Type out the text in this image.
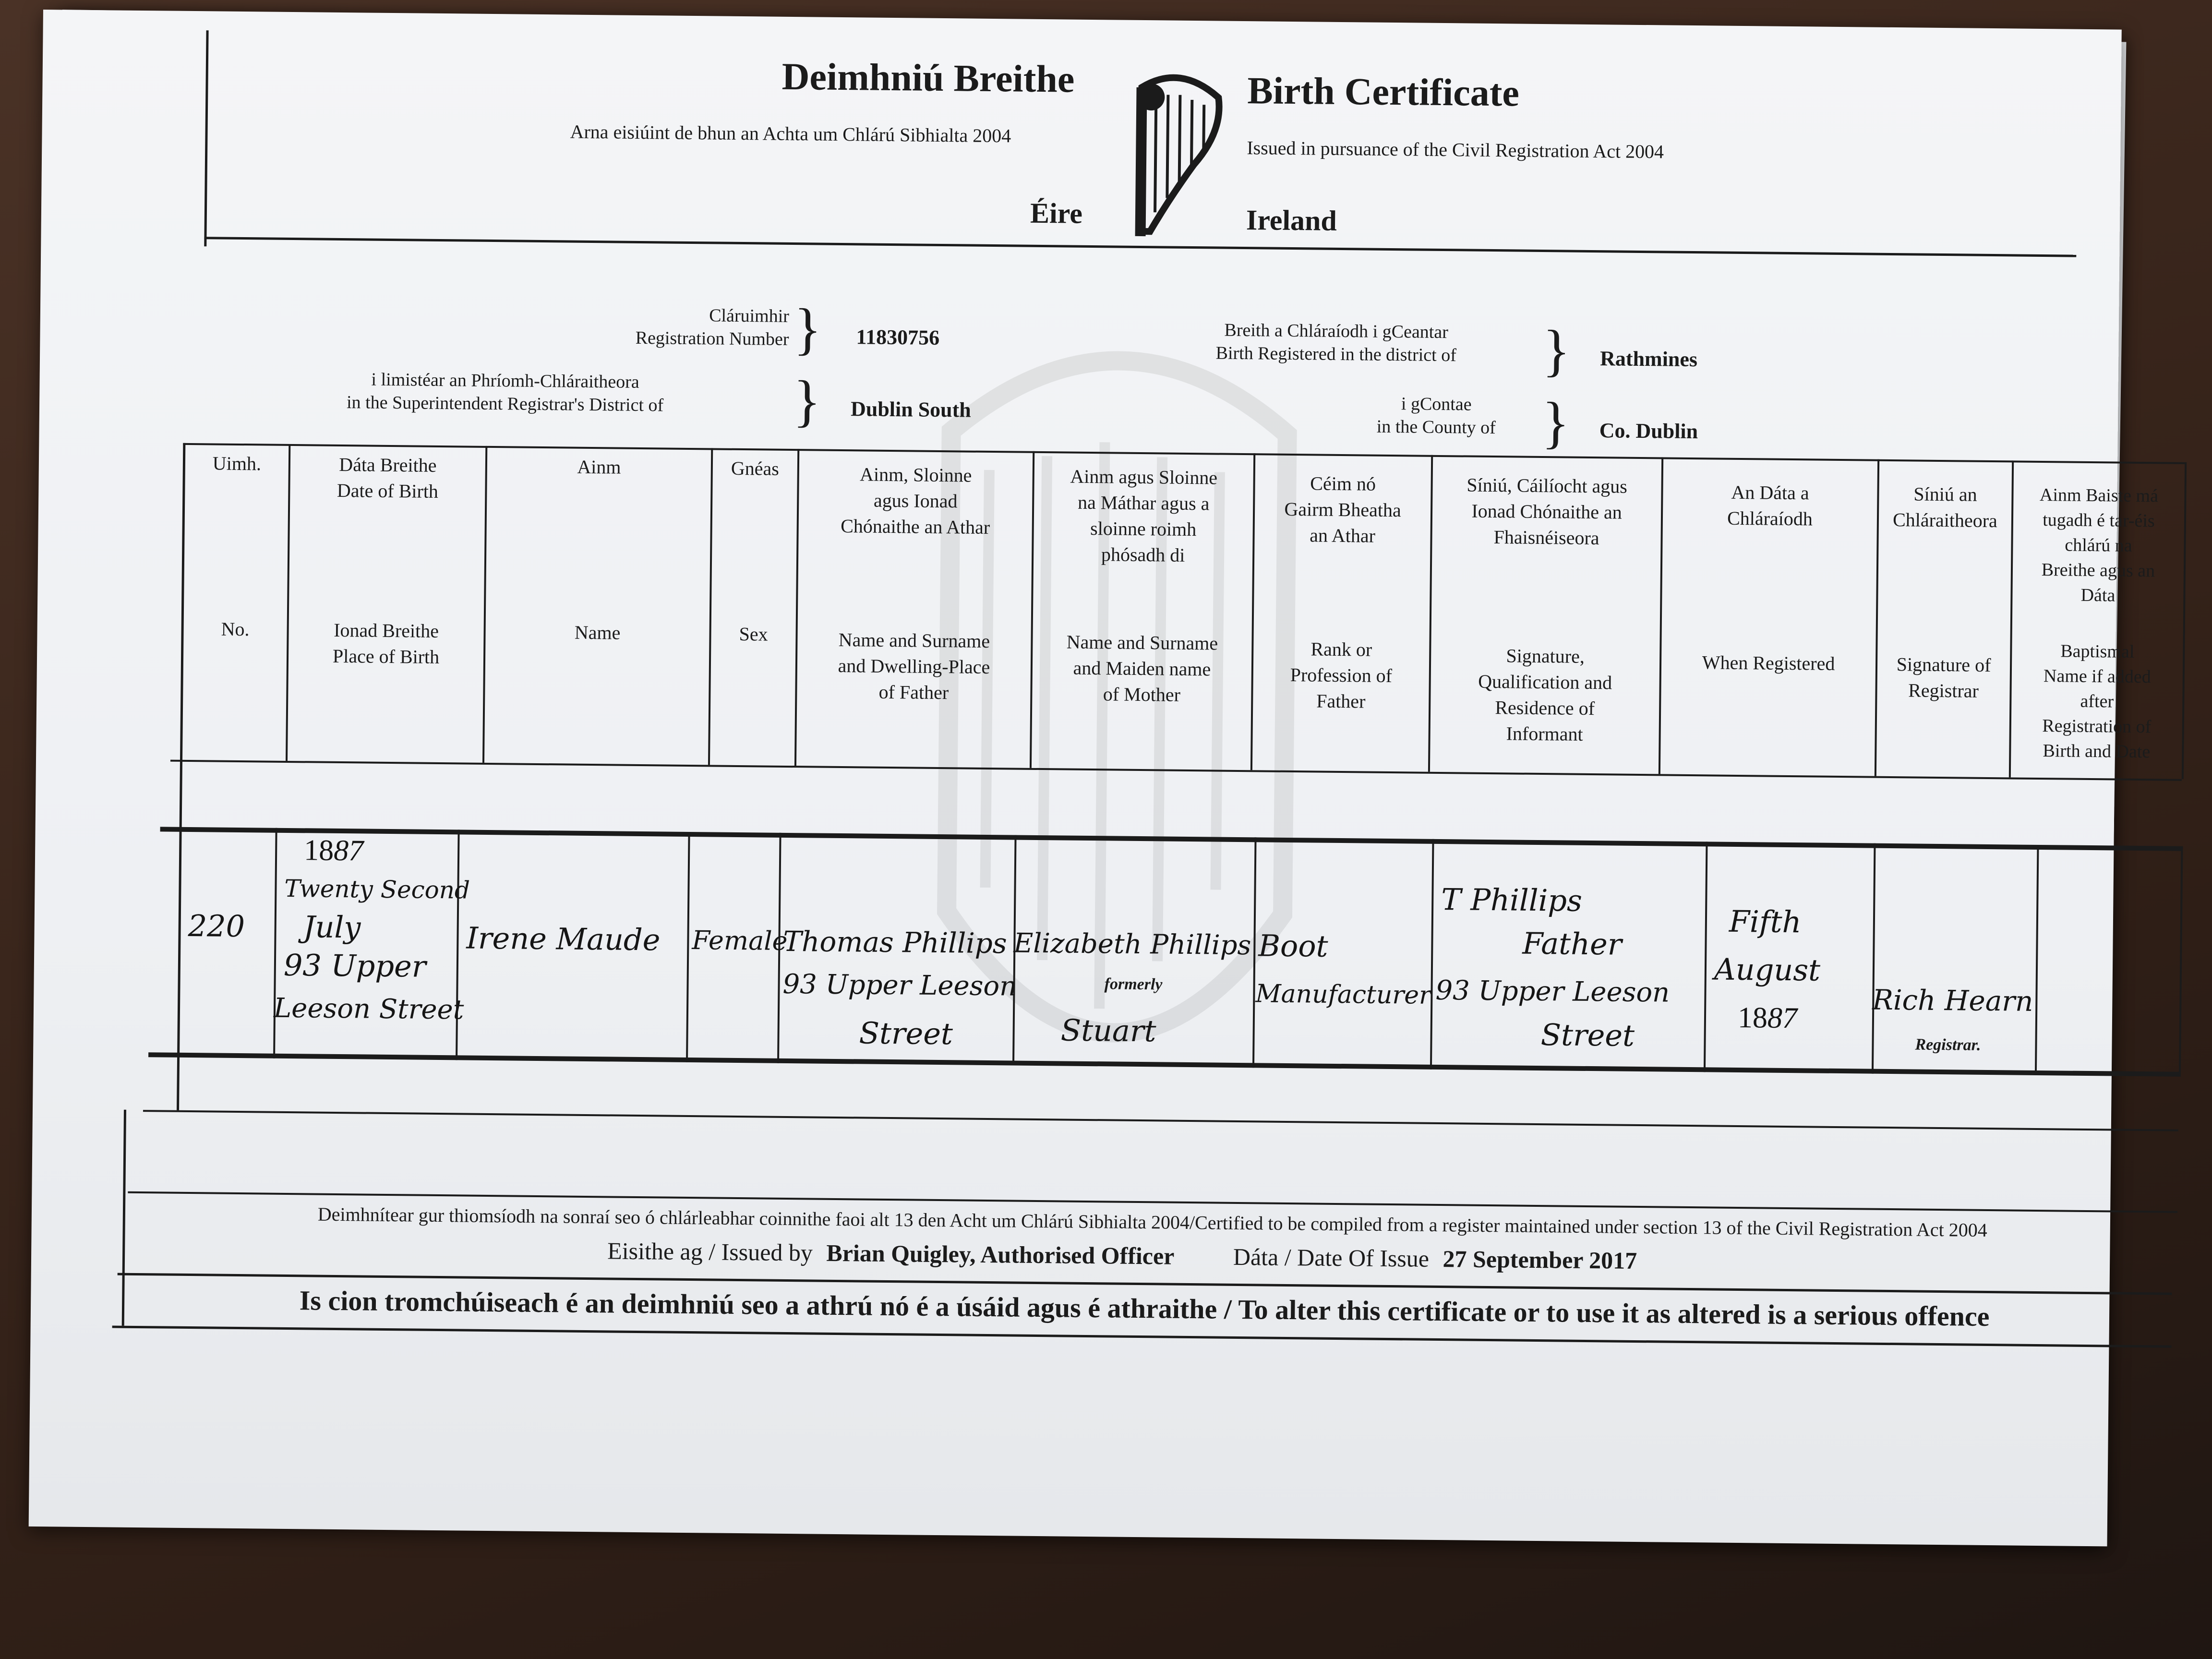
Deimhniú Breithe
Arna eisiúint de bhun an Achta um Chlárú Sibhialta 2004
Éire
Birth Certificate
Issued in pursuance of the Civil Registration Act 2004
Ireland
Cláruimhir
Registration Number } 11830756
i limistéar an Phríomh-Chláraitheora
in the Superintendent Registrar's District of	} Dublin South
Breith a Chláraíodh i gCeantar
Birth Registered in the district of	} Rathmines
i gContae
in the County of } Co. Dublin
Uimh.
No.
Dáta Breithe
Date of Birth
Ionad Breithe
Place of Birth
Ainm
Name
Gnéas
Sex
Ainm, Sloinne
agus Ionad
Chónaithe an Athar
Name and Surname
and Dwelling-Place
of Father
Ainm agus Sloinne
na Máthar agus a
sloinne roimh
phósadh di
Name and Surname
and Maiden name
of Mother
Céim nó
Gairm Bheatha
an Athar
Rank or
Profession of
Father
Síniú, Cáilíocht agus
Ionad Chónaithe an
Fhaisnéiseora
Signature,
Qualification and
Residence of
Informant
An Dáta a
Chláraíodh
When Registered
Síniú an
Chláraitheora
Signature of
Registrar
Ainm Baiste má
tugadh é tar-éis
chlárú na
Breithe agus an
Dáta
Baptismal
Name if added
after
Registration of
Birth and Date
220
1887
Twenty Second
July
93 Upper
Leeson Street
Irene Maude Female
Thomas Phillips
93 Upper Leeson
Street
Elizabeth Phillips
formerly
Stuart
Boot
Manufacturer
T Phillips
Father
93 Upper Leeson
Street
Fifth
August
1887
Rich Hearn
Registrar.
Deimhnítear gur thiomsíodh na sonraí seo ó chlárleabhar coinnithe faoi alt 13 den Acht um Chlárú Sibhialta 2004/Certified to be compiled from a register maintained under section 13 of the Civil Registration Act 2004
Eisithe ag / Issued by Brian Quigley, Authorised Officer Dáta / Date Of Issue 27 September 2017
Is cion tromchúiseach é an deimhniú seo a athrú nó é a úsáid agus é athraithe / To alter this certificate or to use it as altered is a serious offence
